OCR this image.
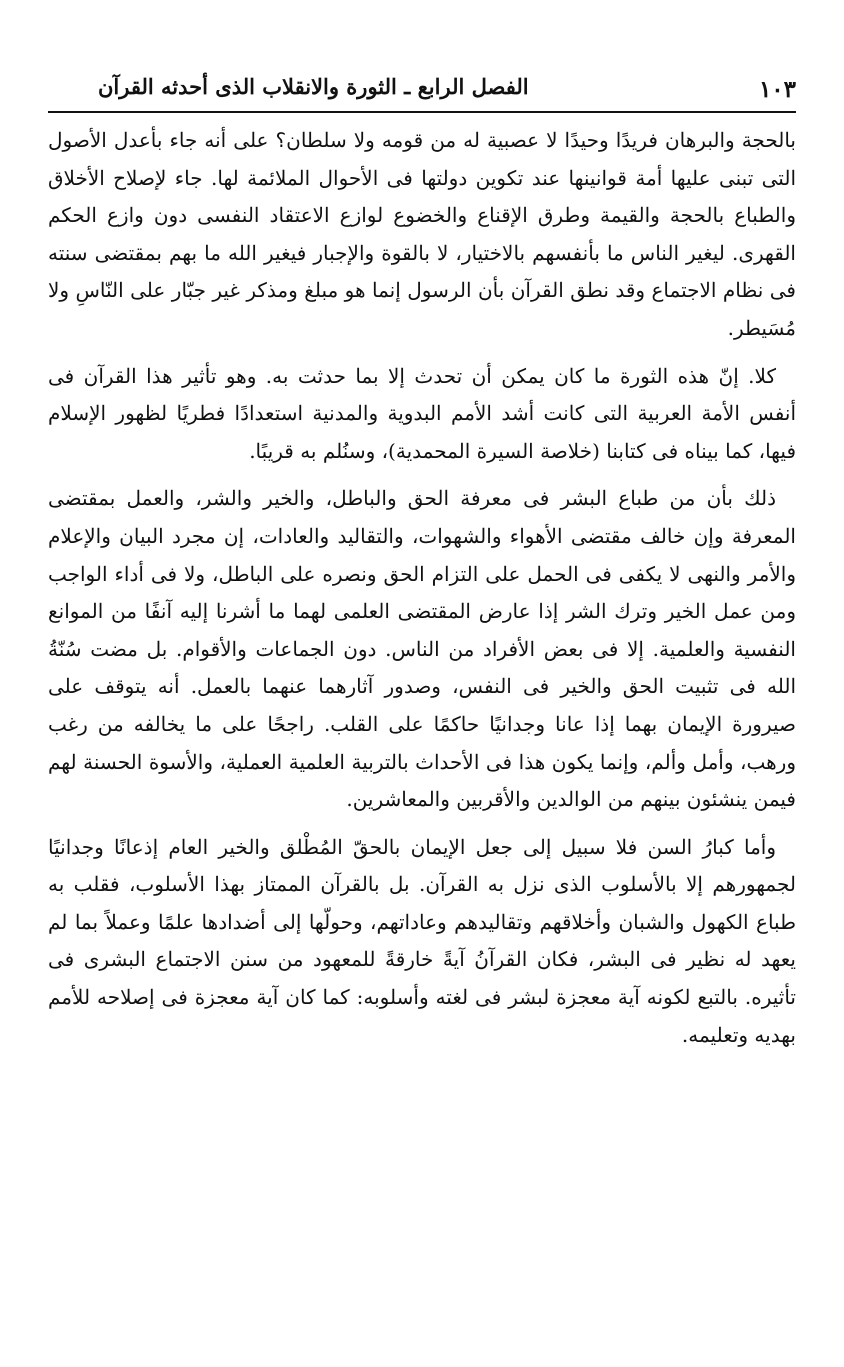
١٠٣
الفصل الرابع ـ الثورة والانقلاب الذى أحدثه القرآن

بالحجة والبرهان فريدًا وحيدًا لا عصبية له من قومه ولا سلطان؟ على أنه جاء بأعدل الأصول التى تبنى عليها أمة قوانينها عند تكوين دولتها فى الأحوال الملائمة لها. جاء لإصلاح الأخلاق والطباع بالحجة والقيمة وطرق الإقناع والخضوع لوازع الاعتقاد النفسى دون وازع الحكم القهرى. ليغير الناس ما بأنفسهم بالاختيار، لا بالقوة والإجبار فيغير الله ما بهم بمقتضى سنته فى نظام الاجتماع وقد نطق القرآن بأن الرسول إنما هو مبلغ ومذكر غير جبّار على النّاسِ ولا مُسَيطر.

كلا. إنّ هذه الثورة ما كان يمكن أن تحدث إلا بما حدثت به. وهو تأثير هذا القرآن فى أنفس الأمة العربية التى كانت أشد الأمم البدوية والمدنية استعدادًا فطريًا لظهور الإسلام فيها، كما بيناه فى كتابنا (خلاصة السيرة المحمدية)، وسنُلم به قريبًا.

ذلك بأن من طباع البشر فى معرفة الحق والباطل، والخير والشر، والعمل بمقتضى المعرفة وإن خالف مقتضى الأهواء والشهوات، والتقاليد والعادات، إن مجرد البيان والإعلام والأمر والنهى لا يكفى فى الحمل على التزام الحق ونصره على الباطل، ولا فى أداء الواجب ومن عمل الخير وترك الشر إذا عارض المقتضى العلمى لهما ما أشرنا إليه آنفًا من الموانع النفسية والعلمية. إلا فى بعض الأفراد من الناس. دون الجماعات والأقوام. بل مضت سُنّةُ الله فى تثبيت الحق والخير فى النفس، وصدور آثارهما عنهما بالعمل. أنه يتوقف على صيرورة الإيمان بهما إذا عانا وجدانيًا حاكمًا على القلب. راجحًا على ما يخالفه من رغب ورهب، وأمل وألم، وإنما يكون هذا فى الأحداث بالتربية العلمية العملية، والأسوة الحسنة لهم فيمن ينشئون بينهم من الوالدين والأقربين والمعاشرين.

وأما كبارُ السن فلا سبيل إلى جعل الإيمان بالحقّ المُطْلق والخير العام إذعانًا وجدانيًا لجمهورهم إلا بالأسلوب الذى نزل به القرآن. بل بالقرآن الممتاز بهذا الأسلوب، فقلب به طباع الكهول والشبان وأخلاقهم وتقاليدهم وعاداتهم، وحولّها إلى أضدادها علمًا وعملاً بما لم يعهد له نظير فى البشر، فكان القرآنُ آيةً خارقةً للمعهود من سنن الاجتماع البشرى فى تأثيره. بالتبع لكونه آية معجزة لبشر فى لغته وأسلوبه: كما كان آية معجزة فى إصلاحه للأمم بهديه وتعليمه.
